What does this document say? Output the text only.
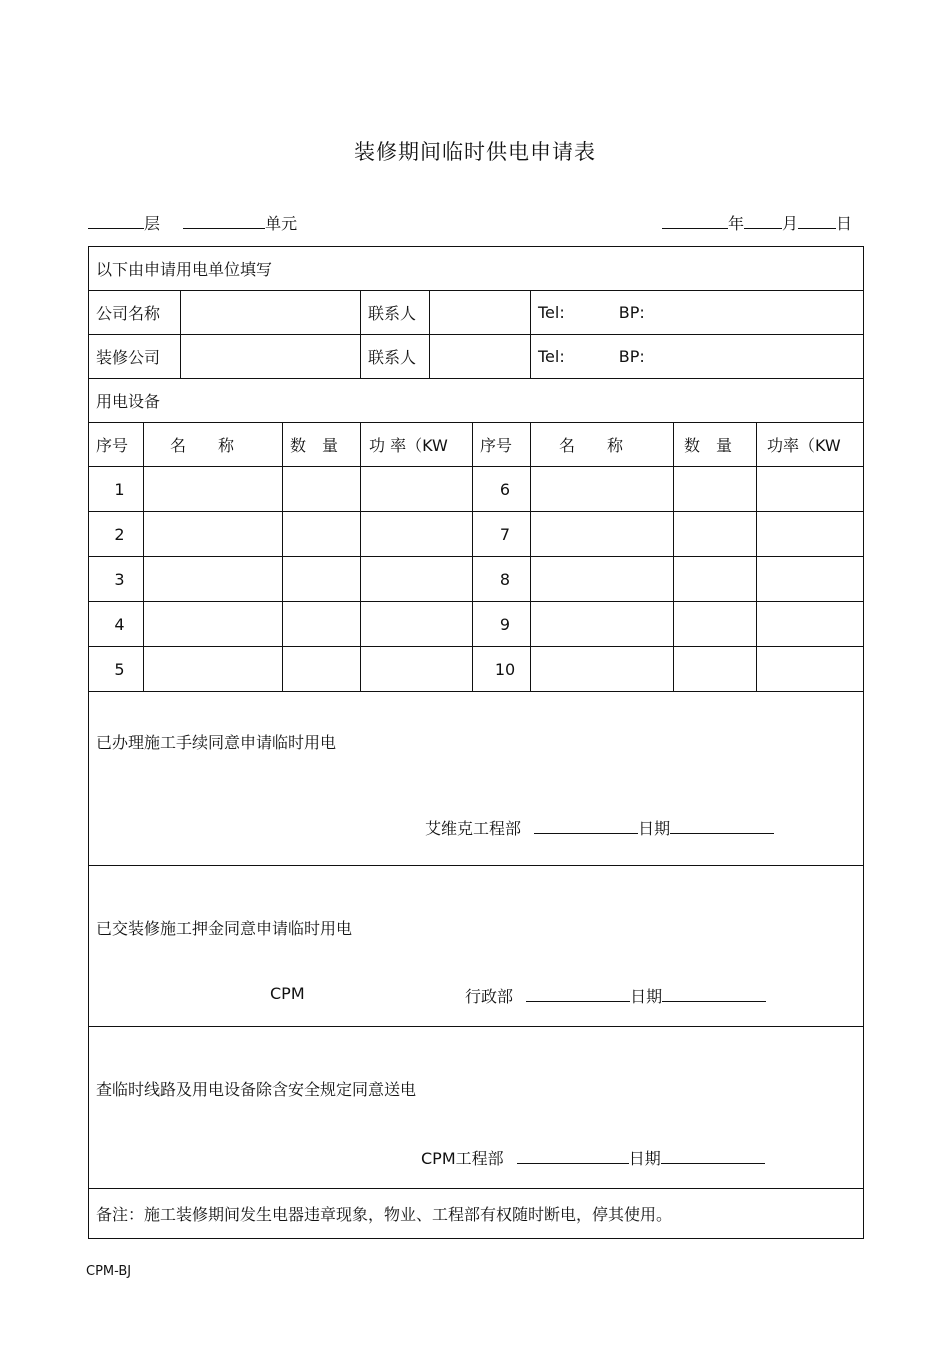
装修期间临时供电申请表
层	单元	年 月 日
以下由申请用电单位填写									
公司名称				联系人			Tel: BP:		
装修公司				联系人			Tel: BP:		
用电设备									
序号	名　　称		数　量	功 率（KW		序号	名　　称	数　量	功率（KW
1						6			
2						7			
3						8			
4						9			
5						10			

已办理施工手续同意申请临时用电
艾维克工程部 日期									

已交装修施工押金同意申请临时用电
CPM 行政部 日期									

查临时线路及用电设备除含安全规定同意送电
CPM工程部 日期									

备注：施工装修期间发生电器违章现象，物业、工程部有权随时断电，停其使用。									
CPM-BJ
